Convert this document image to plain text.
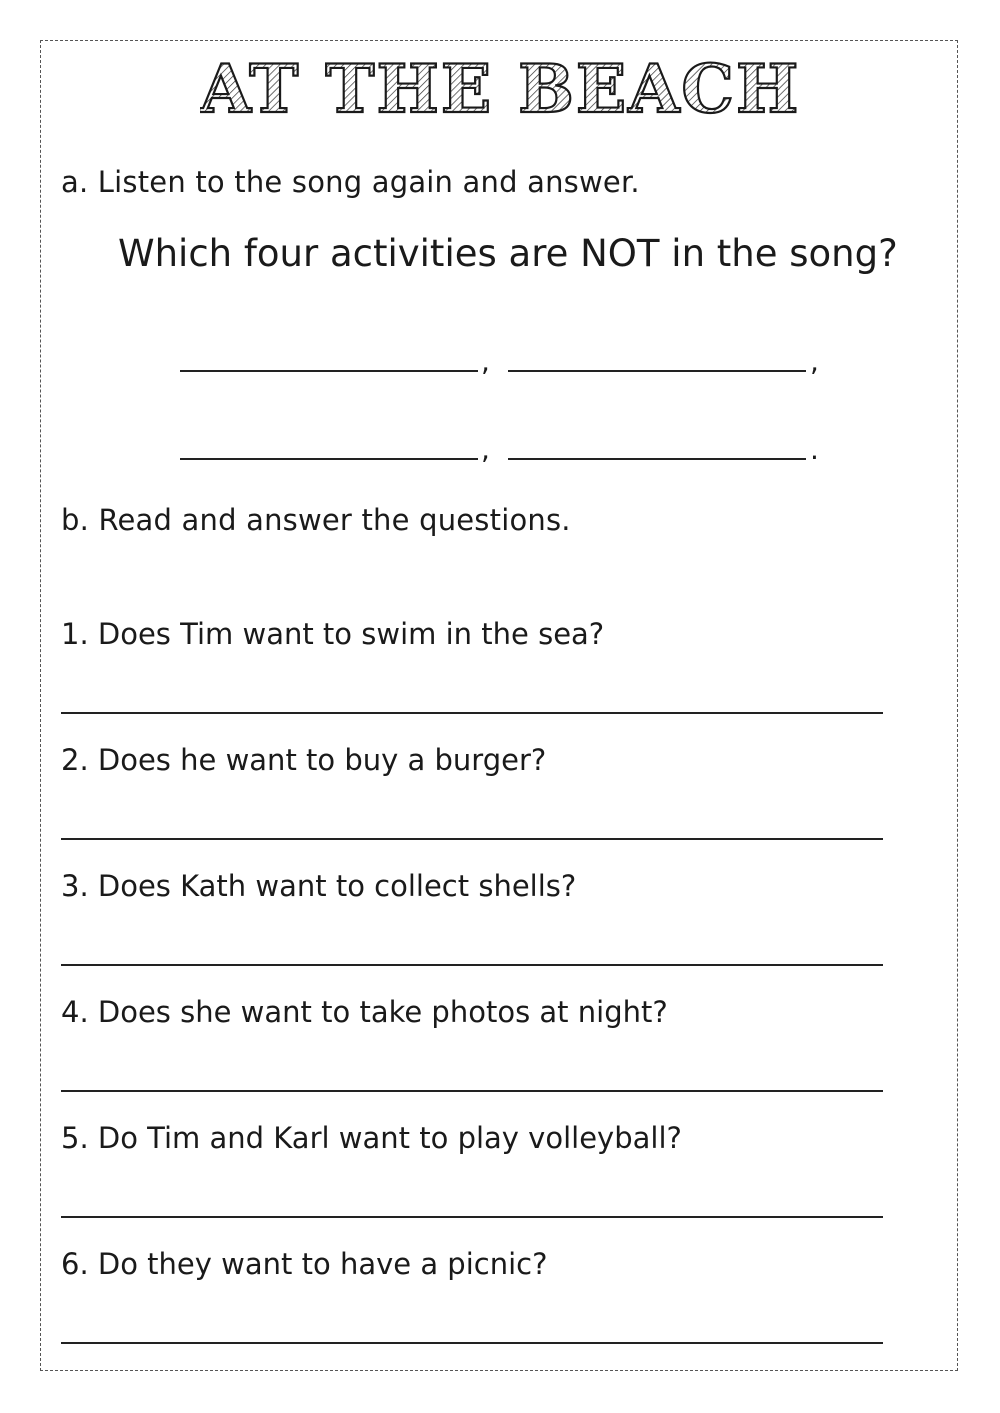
AT THE BEACH
a. Listen to the song again and answer.
Which four activities are NOT in the song?
,	,
,	.
b. Read and answer the questions.
1. Does Tim want to swim in the sea?
2. Does he want to buy a burger?
3. Does Kath want to collect shells?
4. Does she want to take photos at night?
5. Do Tim and Karl want to play volleyball?
6. Do they want to have a picnic?
